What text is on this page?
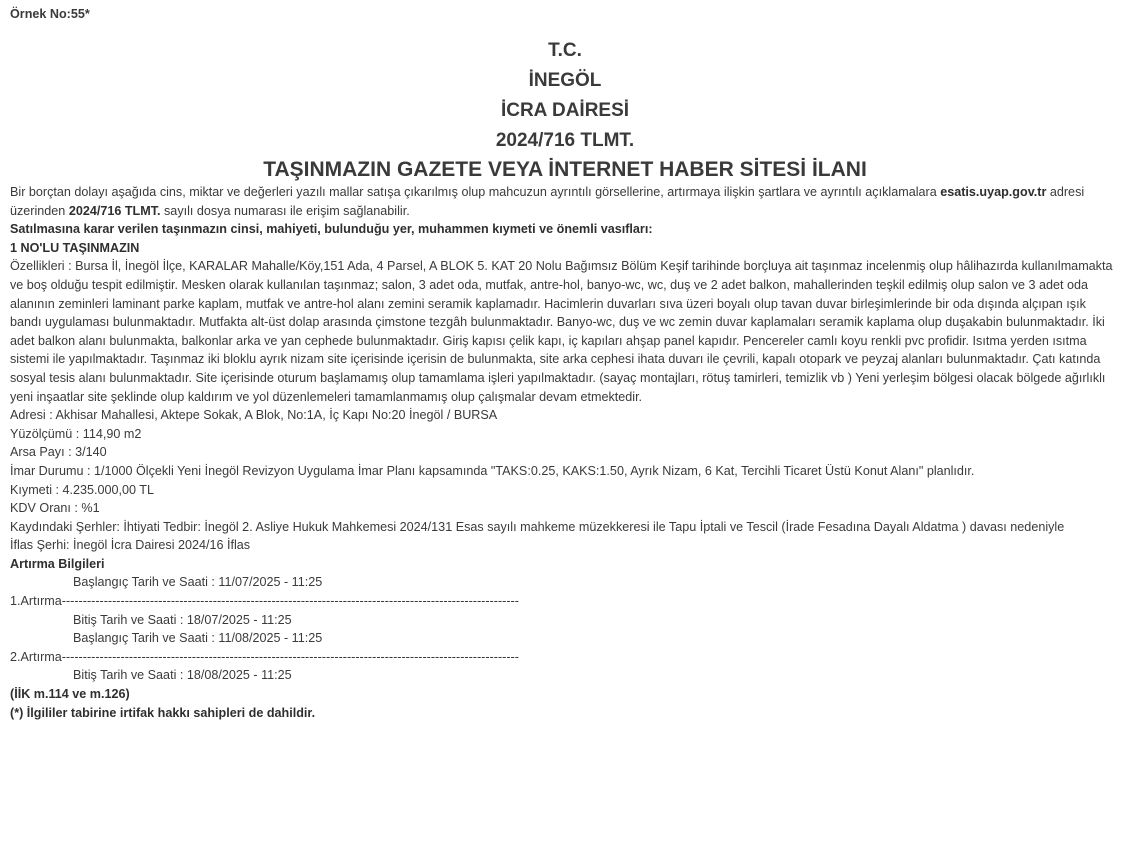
Örnek No:55*

T.C.

İNEGÖL

İCRA DAİRESİ

2024/716 TLMT.

TAŞINMAZIN GAZETE VEYA İNTERNET HABER SİTESİ İLANI

Bir borçtan dolayı aşağıda cins, miktar ve değerleri yazılı mallar satışa çıkarılmış olup mahcuzun ayrıntılı görsellerine, artırmaya ilişkin şartlara ve ayrıntılı açıklamalara esatis.uyap.gov.tr adresi üzerinden 2024/716 TLMT. sayılı dosya numarası ile erişim sağlanabilir.

Satılmasına karar verilen taşınmazın cinsi, mahiyeti, bulunduğu yer, muhammen kıymeti ve önemli vasıfları:

1 NO'LU TAŞINMAZIN

Özellikleri : Bursa İl, İnegöl İlçe, KARALAR Mahalle/Köy,151 Ada, 4 Parsel, A BLOK 5. KAT 20 Nolu Bağımsız Bölüm Keşif tarihinde borçluya ait taşınmaz incelenmiş olup hâlihazırda kullanılmamakta ve boş olduğu tespit edilmiştir. Mesken olarak kullanılan taşınmaz; salon, 3 adet oda, mutfak, antre-hol, banyo-wc, wc, duş ve 2 adet balkon, mahallerinden teşkil edilmiş olup salon ve 3 adet oda alanının zeminleri laminant parke kaplam, mutfak ve antre-hol alanı zemini seramik kaplamadır. Hacimlerin duvarları sıva üzeri boyalı olup tavan duvar birleşimlerinde bir oda dışında alçıpan ışık bandı uygulaması bulunmaktadır. Mutfakta alt-üst dolap arasında çimstone tezgâh bulunmaktadır. Banyo-wc, duş ve wc zemin duvar kaplamaları seramik kaplama olup duşakabin bulunmaktadır. İki adet balkon alanı bulunmakta, balkonlar arka ve yan cephede bulunmaktadır. Giriş kapısı çelik kapı, iç kapıları ahşap panel kapıdır. Pencereler camlı koyu renkli pvc profidir. Isıtma yerden ısıtma sistemi ile yapılmaktadır. Taşınmaz iki bloklu ayrık nizam site içerisinde içerisin de bulunmakta, site arka cephesi ihata duvarı ile çevrili, kapalı otopark ve peyzaj alanları bulunmaktadır. Çatı katında sosyal tesis alanı bulunmaktadır. Site içerisinde oturum başlamamış olup tamamlama işleri yapılmaktadır. (sayaç montajları, rötuş tamirleri, temizlik vb ) Yeni yerleşim bölgesi olacak bölgede ağırlıklı yeni inşaatlar site şeklinde olup kaldırım ve yol düzenlemeleri tamamlanmamış olup çalışmalar devam etmektedir.

Adresi : Akhisar Mahallesi, Aktepe Sokak, A Blok, No:1A, İç Kapı No:20 İnegöl / BURSA

Yüzölçümü : 114,90 m2

Arsa Payı : 3/140

İmar Durumu : 1/1000 Ölçekli Yeni İnegöl Revizyon Uygulama İmar Planı kapsamında "TAKS:0.25, KAKS:1.50, Ayrık Nizam, 6 Kat, Tercihli Ticaret Üstü Konut Alanı" planlıdır.

Kıymeti : 4.235.000,00 TL

KDV Oranı : %1

Kaydındaki Şerhler: İhtiyati Tedbir: İnegöl 2. Asliye Hukuk Mahkemesi 2024/131 Esas sayılı mahkeme müzekkeresi ile Tapu İptali ve Tescil (İrade Fesadına Dayalı Aldatma ) davası nedeniyle

İflas Şerhi: İnegöl İcra Dairesi 2024/16 İflas

Artırma Bilgileri

Başlangıç Tarih ve Saati : 11/07/2025 - 11:25

1.Artırma-------------------------------------------------------------------------------------------------------------

Bitiş Tarih ve Saati : 18/07/2025 - 11:25

Başlangıç Tarih ve Saati : 11/08/2025 - 11:25

2.Artırma-------------------------------------------------------------------------------------------------------------

Bitiş Tarih ve Saati : 18/08/2025 - 11:25

(İİK m.114 ve m.126)

(*) İlgililer tabirine irtifak hakkı sahipleri de dahildir.
